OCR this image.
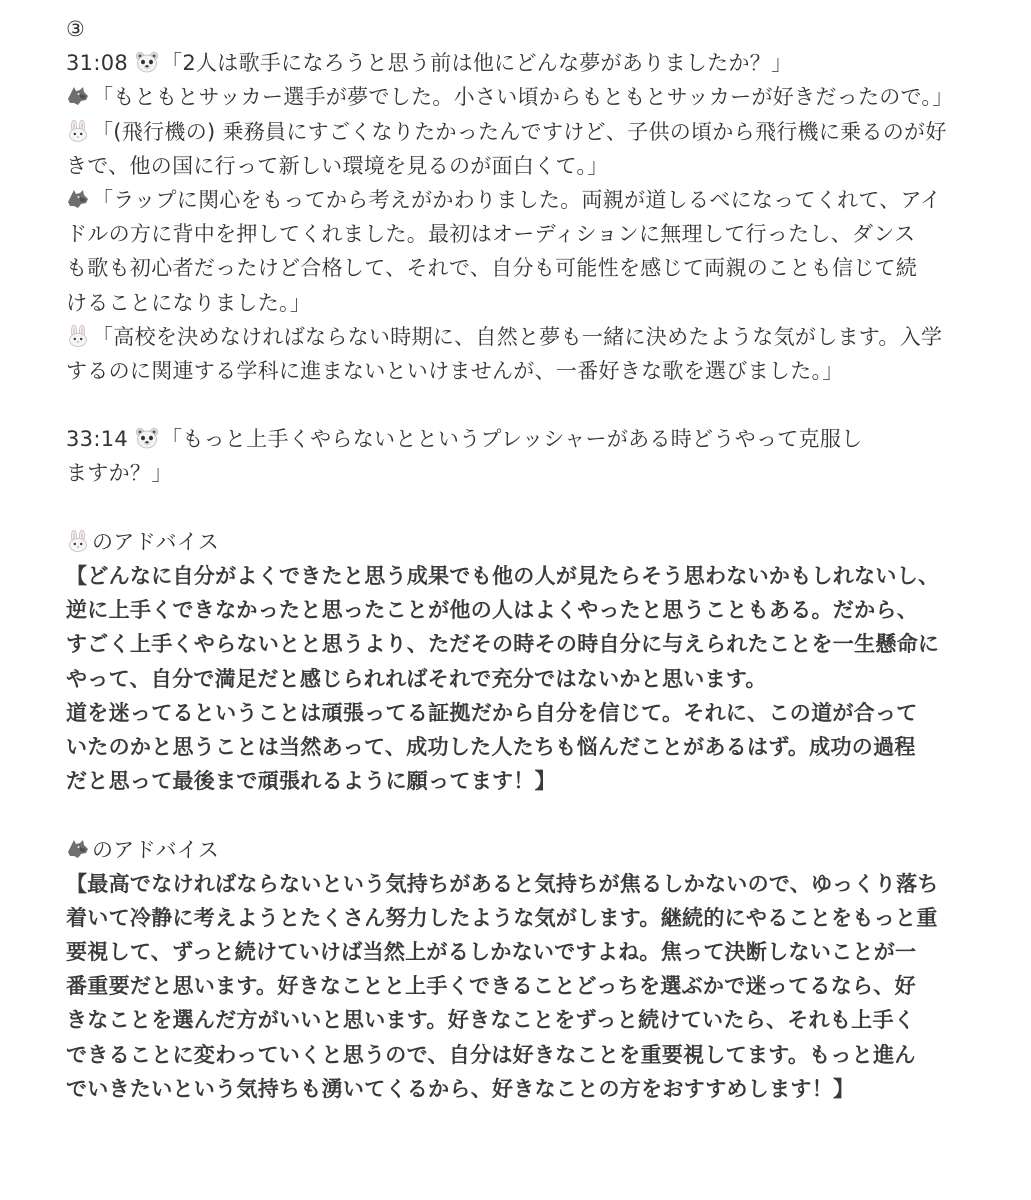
③
31:08 「2人は歌手になろうと思う前は他にどんな夢がありましたか？」
「もともとサッカー選手が夢でした。小さい頃からもともとサッカーが好きだったので。」
「(飛行機の) 乗務員にすごくなりたかったんですけど、子供の頃から飛行機に乗るのが好
きで、他の国に行って新しい環境を見るのが面白くて。」
「ラップに関心をもってから考えがかわりました。両親が道しるべになってくれて、アイ
ドルの方に背中を押してくれました。最初はオーディションに無理して行ったし、ダンス
も歌も初心者だったけど合格して、それで、自分も可能性を感じて両親のことも信じて続
けることになりました。」
「高校を決めなければならない時期に、自然と夢も一緒に決めたような気がします。入学
するのに関連する学科に進まないといけませんが、一番好きな歌を選びました。」
33:14 「もっと上手くやらないとというプレッシャーがある時どうやって克服し
ますか？」
のアドバイス
【どんなに自分がよくできたと思う成果でも他の人が見たらそう思わないかもしれないし、
逆に上手くできなかったと思ったことが他の人はよくやったと思うこともある。だから、
すごく上手くやらないとと思うより、ただその時その時自分に与えられたことを一生懸命に
やって、自分で満足だと感じられればそれで充分ではないかと思います。
道を迷ってるということは頑張ってる証拠だから自分を信じて。それに、この道が合って
いたのかと思うことは当然あって、成功した人たちも悩んだことがあるはず。成功の過程
だと思って最後まで頑張れるように願ってます！】
のアドバイス
【最高でなければならないという気持ちがあると気持ちが焦るしかないので、ゆっくり落ち
着いて冷静に考えようとたくさん努力したような気がします。継続的にやることをもっと重
要視して、ずっと続けていけば当然上がるしかないですよね。焦って決断しないことが一
番重要だと思います。好きなことと上手くできることどっちを選ぶかで迷ってるなら、好
きなことを選んだ方がいいと思います。好きなことをずっと続けていたら、それも上手く
できることに変わっていくと思うので、自分は好きなことを重要視してます。もっと進ん
でいきたいという気持ちも湧いてくるから、好きなことの方をおすすめします！】
